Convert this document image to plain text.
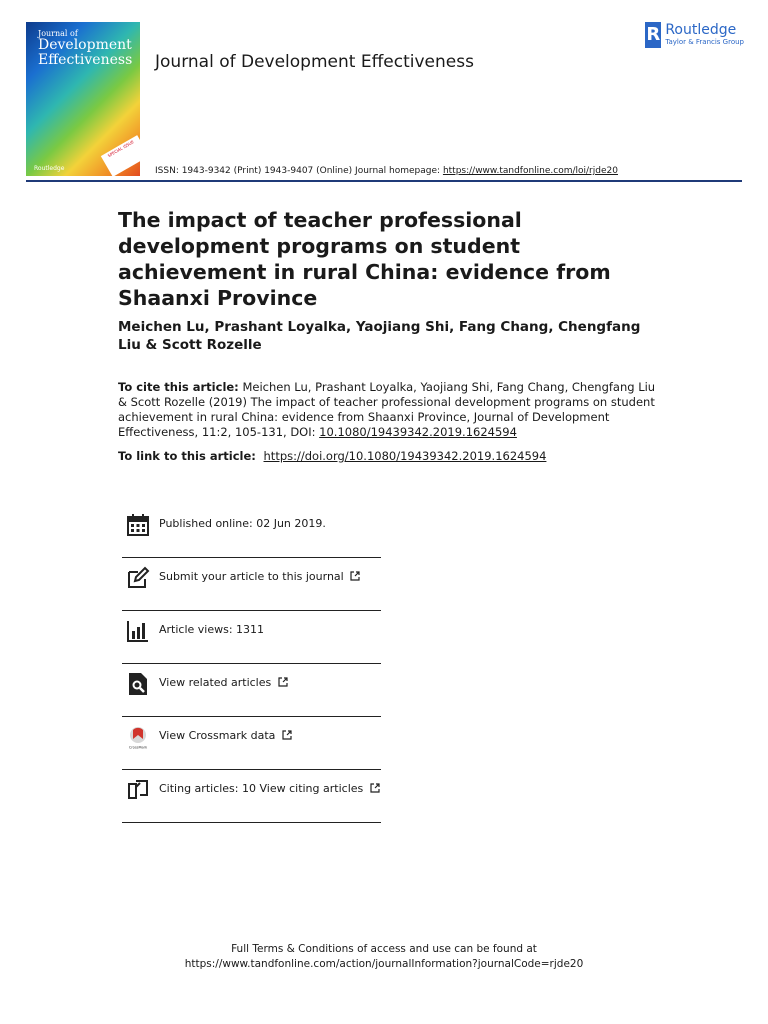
Journal of
Development
Effectiveness
SPECIAL ISSUE
Routledge
Journal of Development Effectiveness
R Routledge
Taylor & Francis Group
ISSN: 1943-9342 (Print) 1943-9407 (Online) Journal homepage: https://www.tandfonline.com/loi/rjde20
The impact of teacher professional development programs on student achievement in rural China: evidence from Shaanxi Province
Meichen Lu, Prashant Loyalka, Yaojiang Shi, Fang Chang, Chengfang Liu & Scott Rozelle
To cite this article: Meichen Lu, Prashant Loyalka, Yaojiang Shi, Fang Chang, Chengfang Liu & Scott Rozelle (2019) The impact of teacher professional development programs on student achievement in rural China: evidence from Shaanxi Province, Journal of Development Effectiveness, 11:2, 105-131, DOI: 10.1080/19439342.2019.1624594
To link to this article: https://doi.org/10.1080/19439342.2019.1624594
Published online: 02 Jun 2019.
Submit your article to this journal
Article views: 1311
View related articles
CrossMark
View Crossmark data
Citing articles: 10 View citing articles
Full Terms & Conditions of access and use can be found at
https://www.tandfonline.com/action/journalInformation?journalCode=rjde20
